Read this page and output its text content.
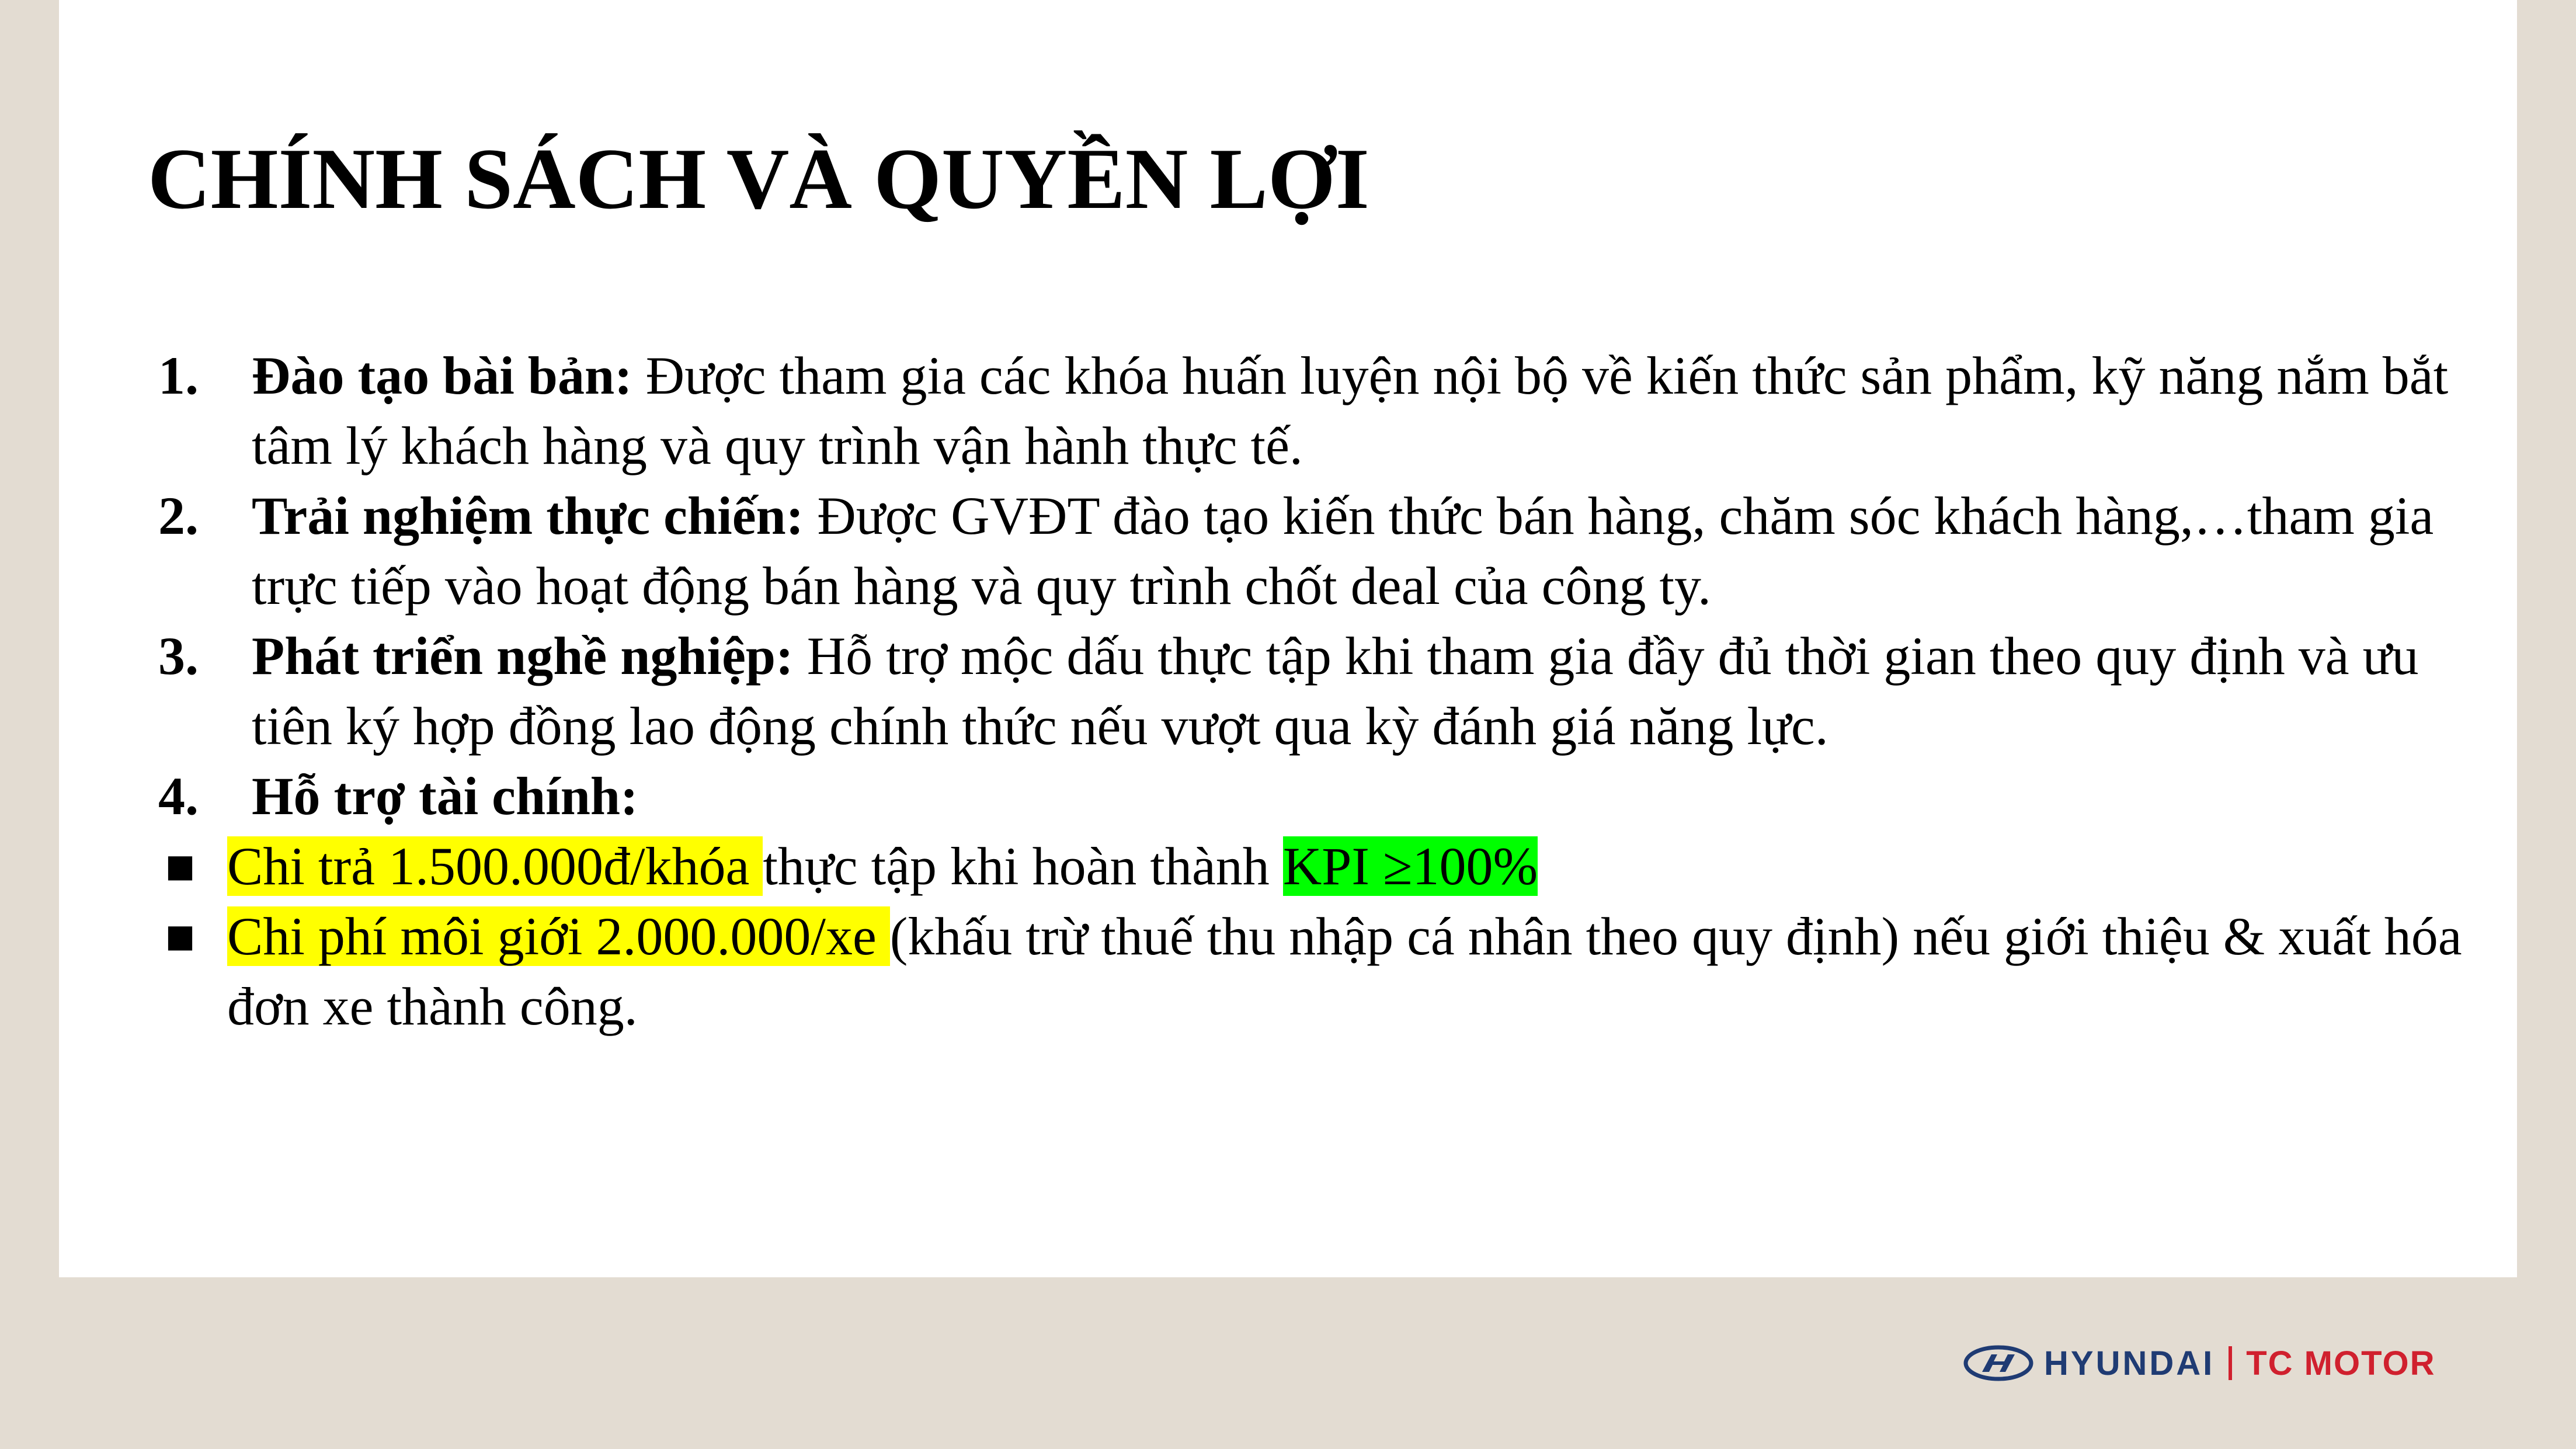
CHÍNH SÁCH VÀ QUYỀN LỢI
1. Đào tạo bài bản: Được tham gia các khóa huấn luyện nội bộ về kiến thức sản phẩm, kỹ năng nắm bắt tâm lý khách hàng và quy trình vận hành thực tế.
2. Trải nghiệm thực chiến: Được GVĐT đào tạo kiến thức bán hàng, chăm sóc khách hàng,…tham gia trực tiếp vào hoạt động bán hàng và quy trình chốt deal của công ty.
3. Phát triển nghề nghiệp: Hỗ trợ mộc dấu thực tập khi tham gia đầy đủ thời gian theo quy định và ưu tiên ký hợp đồng lao động chính thức nếu vượt qua kỳ đánh giá năng lực.
4. Hỗ trợ tài chính:
■ Chi trả 1.500.000đ/khóa thực tập khi hoàn thành KPI ≥100%
■ Chi phí môi giới 2.000.000/xe (khấu trừ thuế thu nhập cá nhân theo quy định) nếu giới thiệu & xuất hóa đơn xe thành công.
HYUNDAI TC MOTOR
